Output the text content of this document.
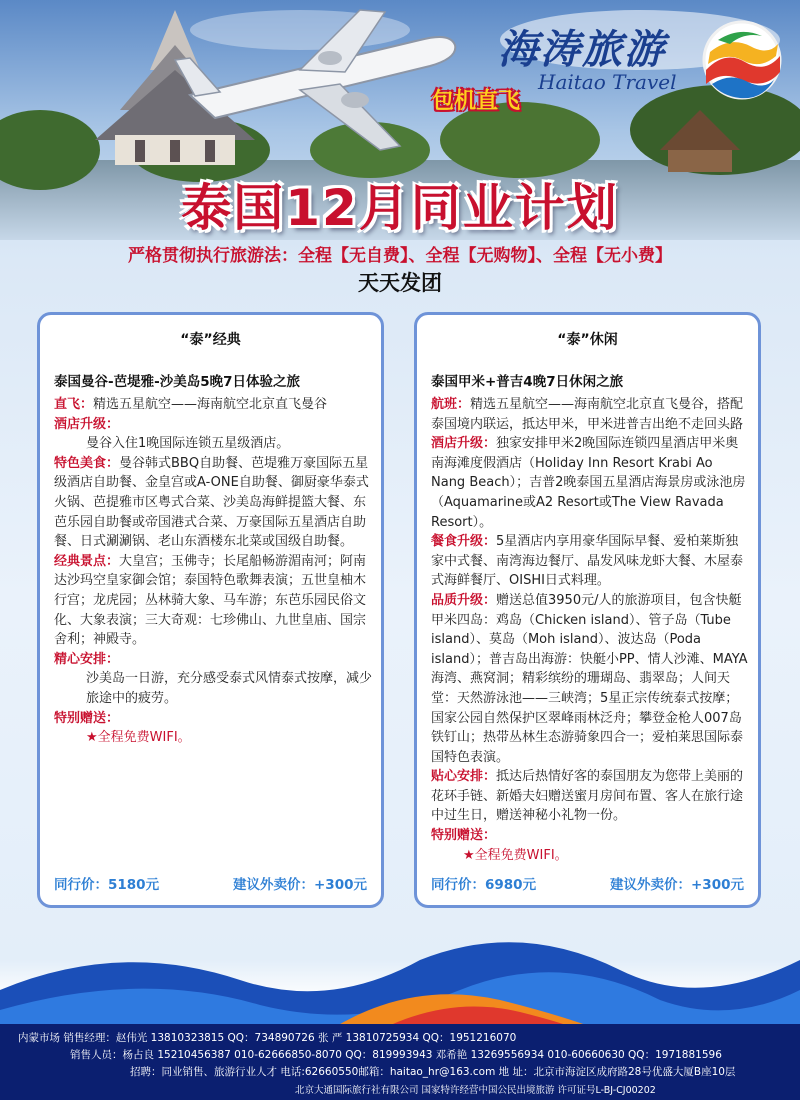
海涛旅游
Haitao Travel
包机直飞
泰国12月同业计划
严格贯彻执行旅游法：全程【无自费】、全程【无购物】、全程【无小费】
天天发团
“泰”经典
泰国曼谷-芭堤雅-沙美岛5晚7日体验之旅
直飞：精选五星航空——海南航空北京直飞曼谷
酒店升级：
曼谷入住1晚国际连锁五星级酒店。
特色美食：曼谷韩式BBQ自助餐、芭堤雅万豪国际五星级酒店自助餐、金皇宫或A-ONE自助餐、御厨豪华泰式火锅、芭提雅市区粤式合菜、沙美岛海鲜提篮大餐、东芭乐园自助餐或帝国港式合菜、万豪国际五星酒店自助餐、日式涮涮锅、老山东酒楼东北菜或国级自助餐。
经典景点：大皇宫；玉佛寺；长尾船畅游湄南河；阿南达沙玛空皇家御会馆；泰国特色歌舞表演；五世皇柚木行宫；龙虎园；丛林骑大象、马车游；东芭乐园民俗文化、大象表演；三大奇观：七珍佛山、九世皇庙、国宗舍利；神殿寺。
精心安排：
沙美岛一日游，充分感受泰式风情泰式按摩，减少旅途中的疲劳。
特别赠送：
★全程免费WIFI。
同行价：5180元	建议外卖价：+300元
“泰”休闲
泰国甲米+普吉4晚7日休闲之旅
航班：精选五星航空——海南航空北京直飞曼谷，搭配泰国境内联运，抵达甲米，甲米进普吉出绝不走回头路
酒店升级：独家安排甲米2晚国际连锁四星酒店甲米奥南海滩度假酒店（Holiday Inn Resort Krabi Ao Nang Beach）；吉普2晚泰国五星酒店海景房或泳池房（Aquamarine或A2 Resort或The View Ravada Resort）。
餐食升级：5星酒店内享用豪华国际早餐、爱柏莱斯独家中式餐、南湾海边餐厅、晶发风味龙虾大餐、木屋泰式海鲜餐厅、OISHI日式料理。
品质升级：赠送总值3950元/人的旅游项目，包含快艇甲米四岛：鸡岛（Chicken island）、管子岛（Tube island）、莫岛（Moh island）、波达岛（Poda island）；普吉岛出海游：快艇小PP、情人沙滩、MAYA海湾、燕窝洞；精彩缤纷的珊瑚岛、翡翠岛；人间天堂：天然游泳池——三峡湾；5星正宗传统泰式按摩；国家公园自然保护区翠峰雨林泛舟；攀登金枪人007岛铁钉山；热带丛林生态游骑象四合一；爱柏莱思国际泰国特色表演。
贴心安排：抵达后热情好客的泰国朋友为您带上美丽的花环手链、新婚夫妇赠送蜜月房间布置、客人在旅行途中过生日，赠送神秘小礼物一份。
特别赠送：
★全程免费WIFI。
同行价：6980元	建议外卖价：+300元
内蒙市场 销售经理：赵伟光 13810323815 QQ：734890726 张 严 13810725934 QQ：1951216070
销售人员：杨占良 15210456387 010-62666850-8070 QQ：819993943 邓希艳 13269556934 010-60660630 QQ：1971881596
招聘：同业销售、旅游行业人才 电话:62660550邮箱：haitao_hr@163.com 地 址：北京市海淀区成府路28号优盛大厦B座10层
北京大通国际旅行社有限公司 国家特许经营中国公民出境旅游 许可证号L-BJ-CJ00202
